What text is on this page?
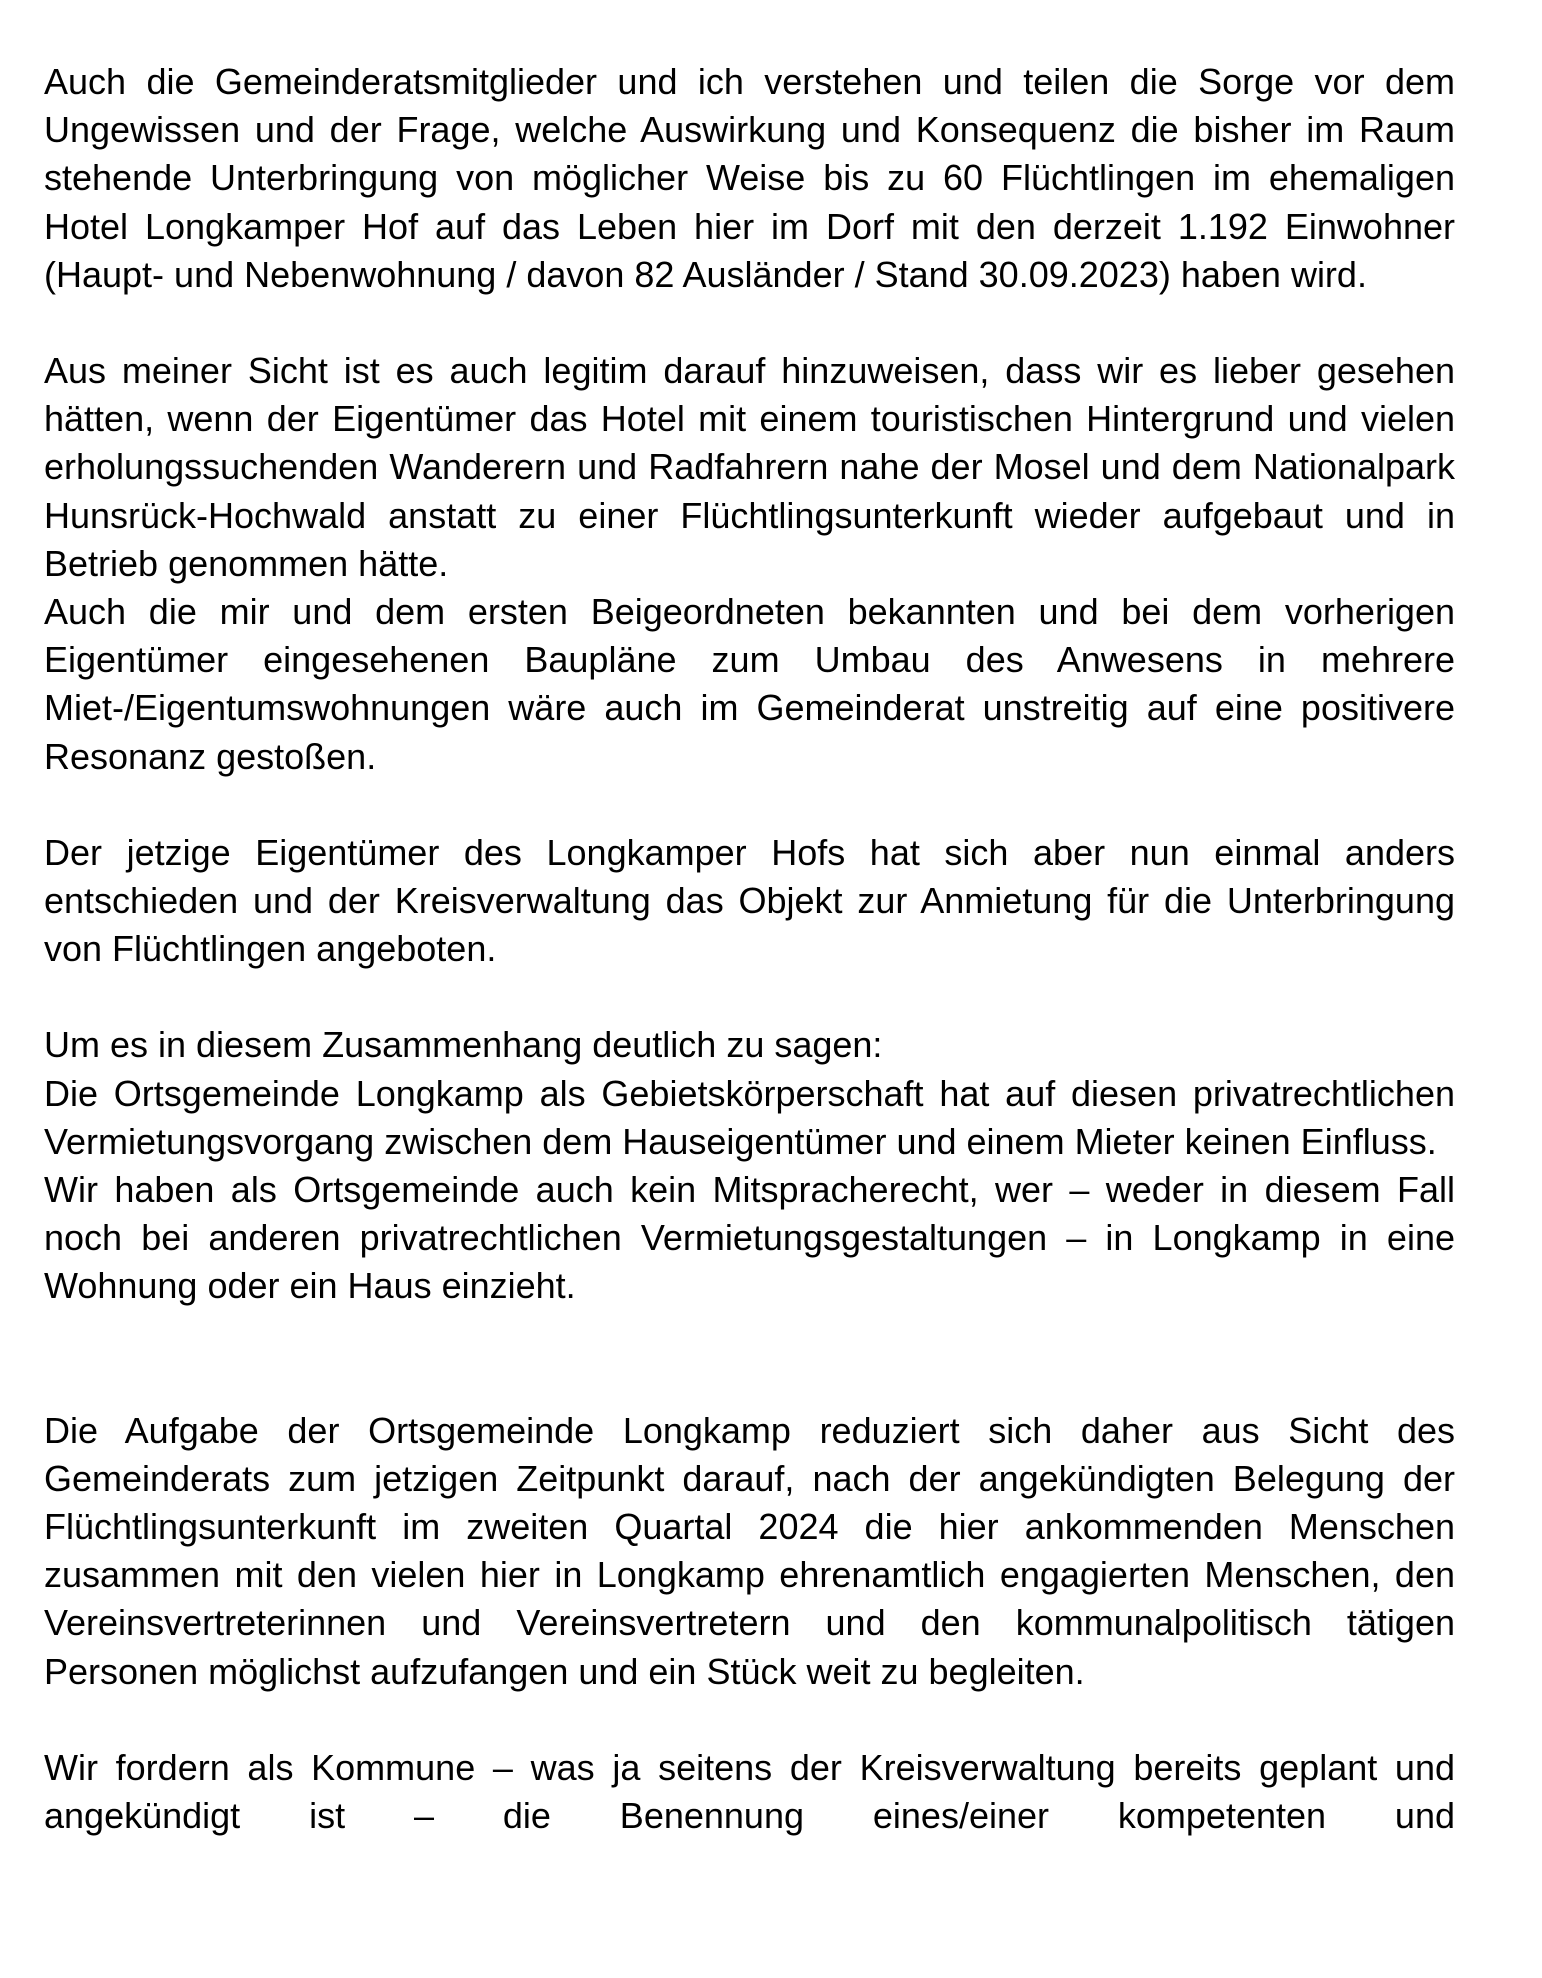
Auch die Gemeinderatsmitglieder und ich verstehen und teilen die Sorge vor dem Ungewissen und der Frage, welche Auswirkung und Konsequenz die bisher im Raum stehende Unterbringung von möglicher Weise bis zu 60 Flüchtlingen im ehemaligen Hotel Longkamper Hof auf das Leben hier im Dorf mit den derzeit 1.192 Einwohner (Haupt- und Nebenwohnung / davon 82 Ausländer / Stand 30.09.2023) haben wird.

Aus meiner Sicht ist es auch legitim darauf hinzuweisen, dass wir es lieber gesehen hätten, wenn der Eigentümer das Hotel mit einem touristischen Hintergrund und vielen erholungssuchenden Wanderern und Radfahrern nahe der Mosel und dem Nationalpark Hunsrück-Hochwald anstatt zu einer Flüchtlingsunterkunft wieder aufgebaut und in Betrieb genommen hätte.

Auch die mir und dem ersten Beigeordneten bekannten und bei dem vorherigen Eigentümer eingesehenen Baupläne zum Umbau des Anwesens in mehrere Miet-/Eigentumswohnungen wäre auch im Gemeinderat unstreitig auf eine positivere Resonanz gestoßen.

Der jetzige Eigentümer des Longkamper Hofs hat sich aber nun einmal anders entschieden und der Kreisverwaltung das Objekt zur Anmietung für die Unterbringung von Flüchtlingen angeboten.

Um es in diesem Zusammenhang deutlich zu sagen:

Die Ortsgemeinde Longkamp als Gebietskörperschaft hat auf diesen privatrechtlichen Vermietungsvorgang zwischen dem Hauseigentümer und einem Mieter keinen Einfluss.

Wir haben als Ortsgemeinde auch kein Mitspracherecht, wer – weder in diesem Fall noch bei anderen privatrechtlichen Vermietungsgestaltungen – in Longkamp in eine Wohnung oder ein Haus einzieht.

Die Aufgabe der Ortsgemeinde Longkamp reduziert sich daher aus Sicht des Gemeinderats zum jetzigen Zeitpunkt darauf, nach der angekündigten Belegung der Flüchtlingsunterkunft im zweiten Quartal 2024 die hier ankommenden Menschen zusammen mit den vielen hier in Longkamp ehrenamtlich engagierten Menschen, den Vereinsvertreterinnen und Vereinsvertretern und den kommunalpolitisch tätigen Personen möglichst aufzufangen und ein Stück weit zu begleiten.

Wir fordern als Kommune – was ja seitens der Kreisverwaltung bereits geplant und angekündigt ist – die Benennung eines/einer kompetenten und
